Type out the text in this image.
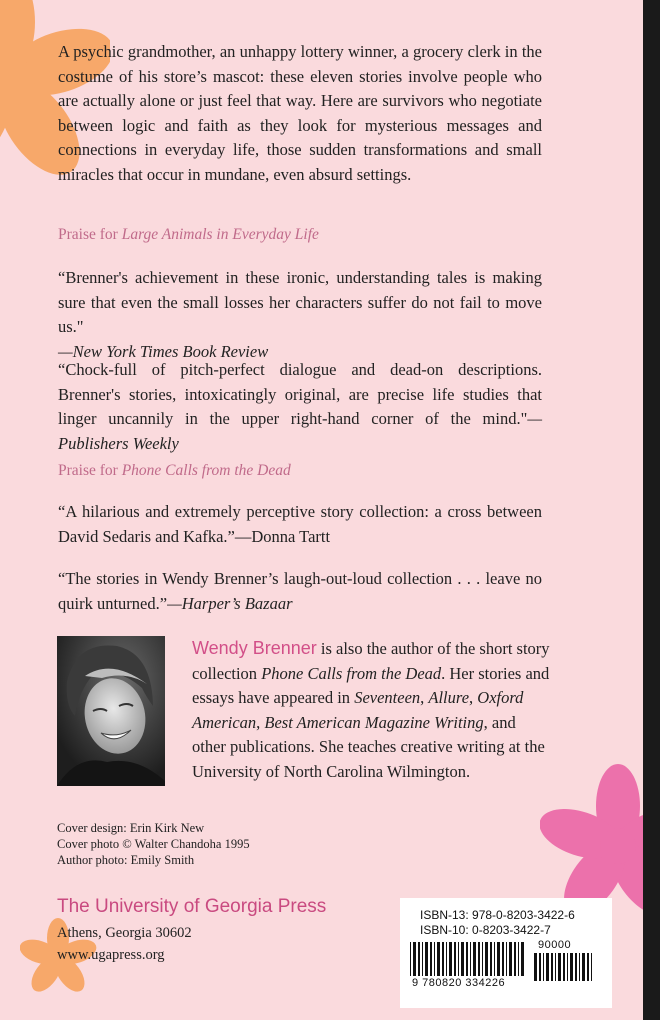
A psychic grandmother, an unhappy lottery winner, a grocery clerk in the costume of his store’s mascot: these eleven stories involve people who are actually alone or just feel that way. Here are survivors who negotiate between logic and faith as they look for mysterious messages and connections in everyday life, those sudden transformations and small miracles that occur in mundane, even absurd settings.

Praise for Large Animals in Everyday Life
“Brenner's achievement in these ironic, understanding tales is making sure that even the small losses her characters suffer do not fail to move us."
—New York Times Book Review
“Chock-full of pitch-perfect dialogue and dead-on descriptions. Brenner's stories, intoxicatingly original, are precise life studies that linger uncannily in the upper right-hand corner of the mind."—Publishers Weekly
Praise for Phone Calls from the Dead
“A hilarious and extremely perceptive story collection: a cross between David Sedaris and Kafka.”—Donna Tartt
“The stories in Wendy Brenner’s laugh-out-loud collection . . . leave no quirk unturned.”—Harper’s Bazaar
Wendy Brenner is also the author of the short story collection Phone Calls from the Dead. Her stories and essays have appeared in Seventeen, Allure, Oxford American, Best American Magazine Writing, and other publications. She teaches creative writing at the University of North Carolina Wilmington.
Cover design: Erin Kirk New
Cover photo © Walter Chandoha 1995
Author photo: Emily Smith
The University of Georgia Press
Athens, Georgia 30602
www.ugapress.org
ISBN-13: 978-0-8203-3422-6
ISBN-10: 0-8203-3422-7
90000
9 780820 334226
